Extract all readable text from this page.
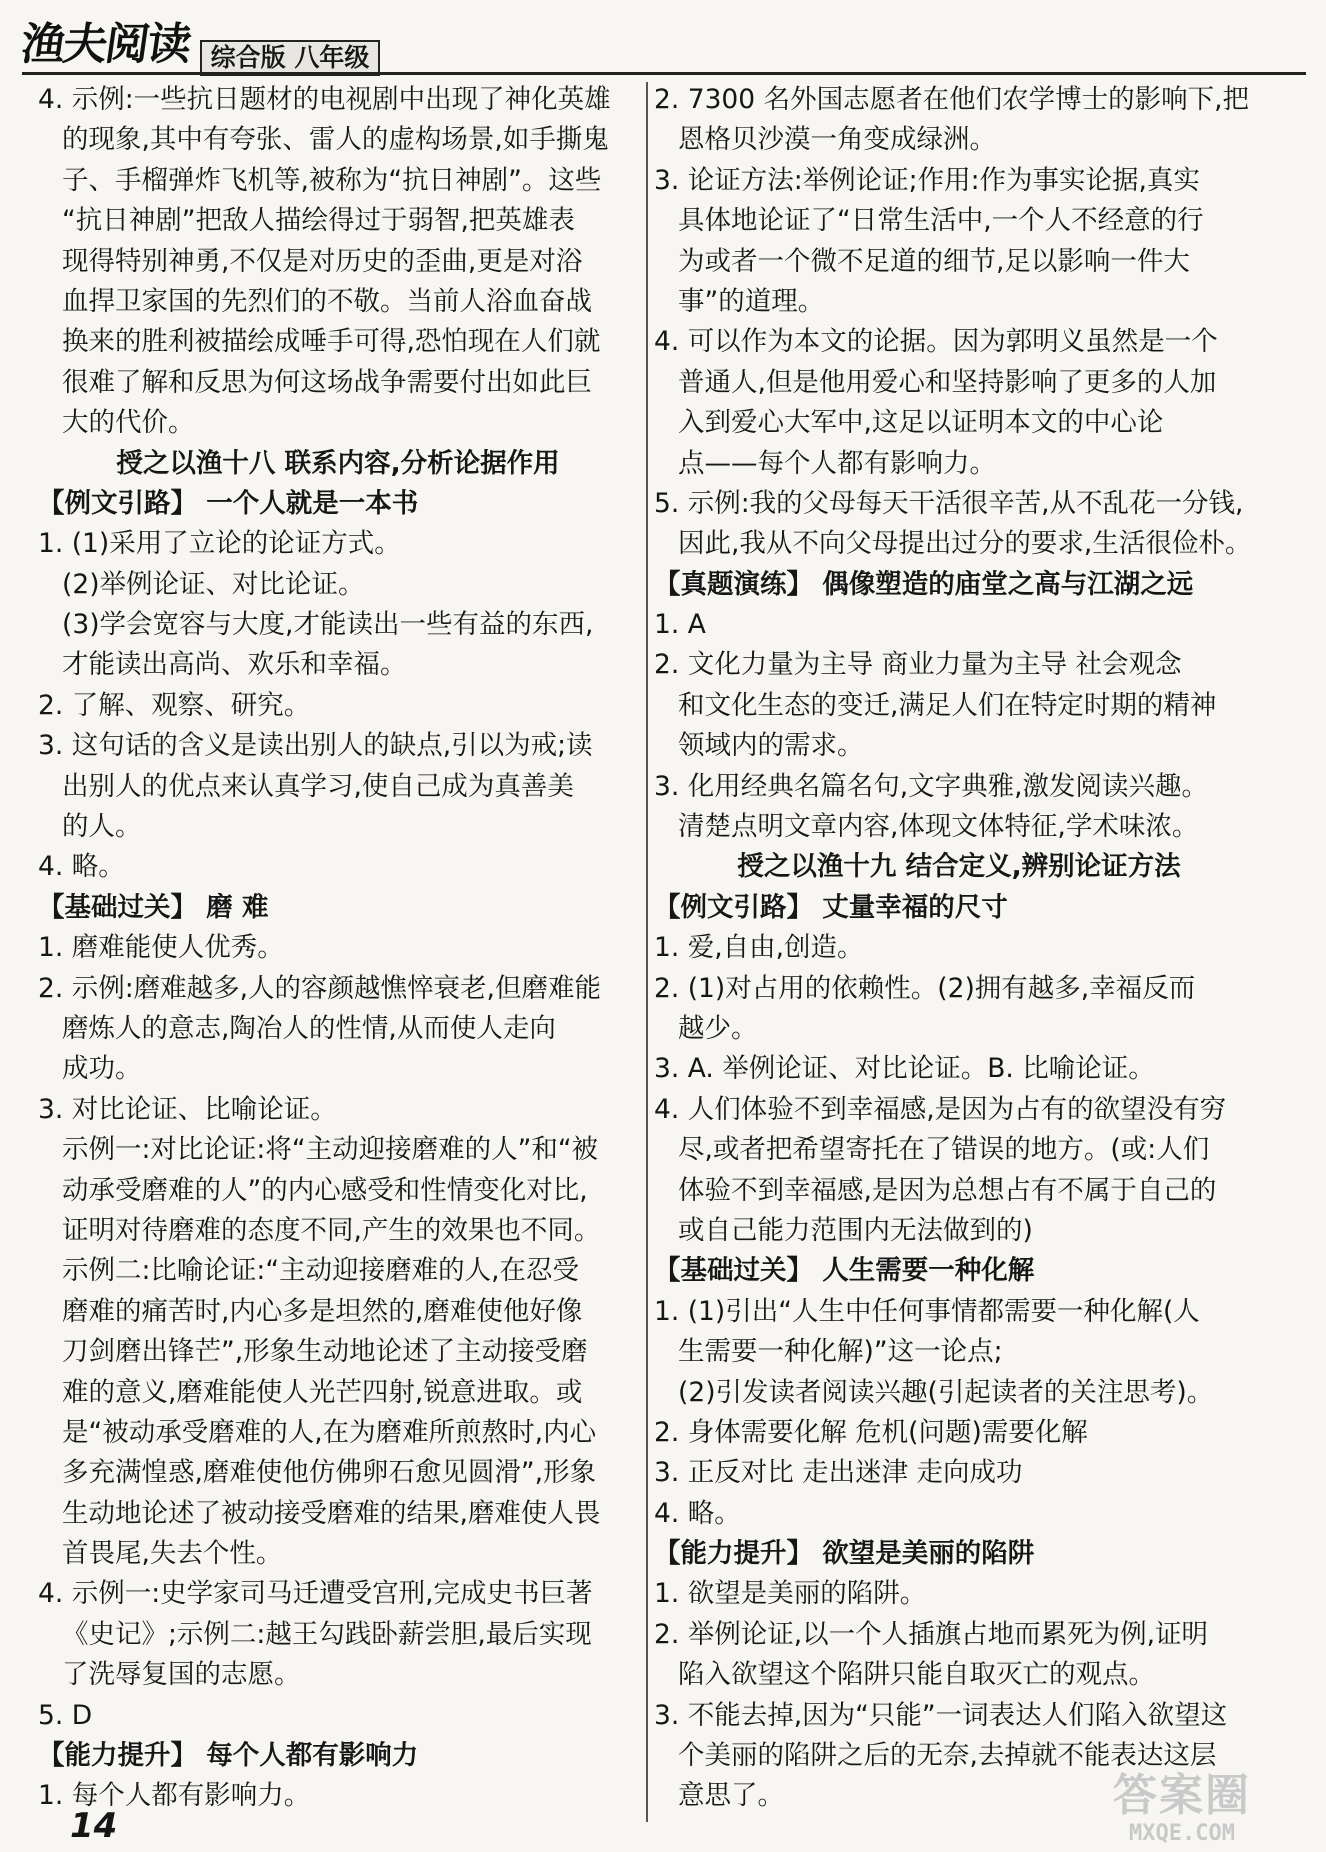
渔夫阅读 综合版 八年级
4. 示例:一些抗日题材的电视剧中出现了神化英雄
的现象,其中有夸张、雷人的虚构场景,如手撕鬼
子、手榴弹炸飞机等,被称为“抗日神剧”。这些
“抗日神剧”把敌人描绘得过于弱智,把英雄表
现得特别神勇,不仅是对历史的歪曲,更是对浴
血捍卫家国的先烈们的不敬。当前人浴血奋战
换来的胜利被描绘成唾手可得,恐怕现在人们就
很难了解和反思为何这场战争需要付出如此巨
大的代价。
授之以渔十八 联系内容,分析论据作用
【例文引路】 一个人就是一本书
1. (1)采用了立论的论证方式。
(2)举例论证、对比论证。
(3)学会宽容与大度,才能读出一些有益的东西,
才能读出高尚、欢乐和幸福。
2. 了解、观察、研究。
3. 这句话的含义是读出别人的缺点,引以为戒;读
出别人的优点来认真学习,使自己成为真善美
的人。
4. 略。
【基础过关】 磨 难
1. 磨难能使人优秀。
2. 示例:磨难越多,人的容颜越憔悴衰老,但磨难能
磨炼人的意志,陶冶人的性情,从而使人走向
成功。
3. 对比论证、比喻论证。
示例一:对比论证:将“主动迎接磨难的人”和“被
动承受磨难的人”的内心感受和性情变化对比,
证明对待磨难的态度不同,产生的效果也不同。
示例二:比喻论证:“主动迎接磨难的人,在忍受
磨难的痛苦时,内心多是坦然的,磨难使他好像
刀剑磨出锋芒”,形象生动地论述了主动接受磨
难的意义,磨难能使人光芒四射,锐意进取。或
是“被动承受磨难的人,在为磨难所煎熬时,内心
多充满惶惑,磨难使他仿佛卵石愈见圆滑”,形象
生动地论述了被动接受磨难的结果,磨难使人畏
首畏尾,失去个性。
4. 示例一:史学家司马迁遭受宫刑,完成史书巨著
《史记》;示例二:越王勾践卧薪尝胆,最后实现
了洗辱复国的志愿。
5. D
【能力提升】 每个人都有影响力
1. 每个人都有影响力。
2. 7300 名外国志愿者在他们农学博士的影响下,把
恩格贝沙漠一角变成绿洲。
3. 论证方法:举例论证;作用:作为事实论据,真实
具体地论证了“日常生活中,一个人不经意的行
为或者一个微不足道的细节,足以影响一件大
事”的道理。
4. 可以作为本文的论据。因为郭明义虽然是一个
普通人,但是他用爱心和坚持影响了更多的人加
入到爱心大军中,这足以证明本文的中心论
点——每个人都有影响力。
5. 示例:我的父母每天干活很辛苦,从不乱花一分钱,
因此,我从不向父母提出过分的要求,生活很俭朴。
【真题演练】 偶像塑造的庙堂之高与江湖之远
1. A
2. 文化力量为主导 商业力量为主导 社会观念
和文化生态的变迁,满足人们在特定时期的精神
领域内的需求。
3. 化用经典名篇名句,文字典雅,激发阅读兴趣。
清楚点明文章内容,体现文体特征,学术味浓。
授之以渔十九 结合定义,辨别论证方法
【例文引路】 丈量幸福的尺寸
1. 爱,自由,创造。
2. (1)对占用的依赖性。(2)拥有越多,幸福反而
越少。
3. A. 举例论证、对比论证。B. 比喻论证。
4. 人们体验不到幸福感,是因为占有的欲望没有穷
尽,或者把希望寄托在了错误的地方。(或:人们
体验不到幸福感,是因为总想占有不属于自己的
或自己能力范围内无法做到的)
【基础过关】 人生需要一种化解
1. (1)引出“人生中任何事情都需要一种化解(人
生需要一种化解)”这一论点;
(2)引发读者阅读兴趣(引起读者的关注思考)。
2. 身体需要化解 危机(问题)需要化解
3. 正反对比 走出迷津 走向成功
4. 略。
【能力提升】 欲望是美丽的陷阱
1. 欲望是美丽的陷阱。
2. 举例论证,以一个人插旗占地而累死为例,证明
陷入欲望这个陷阱只能自取灭亡的观点。
3. 不能去掉,因为“只能”一词表达人们陷入欲望这
个美丽的陷阱之后的无奈,去掉就不能表达这层
意思了。
14
答案圈
MXQE.COM
